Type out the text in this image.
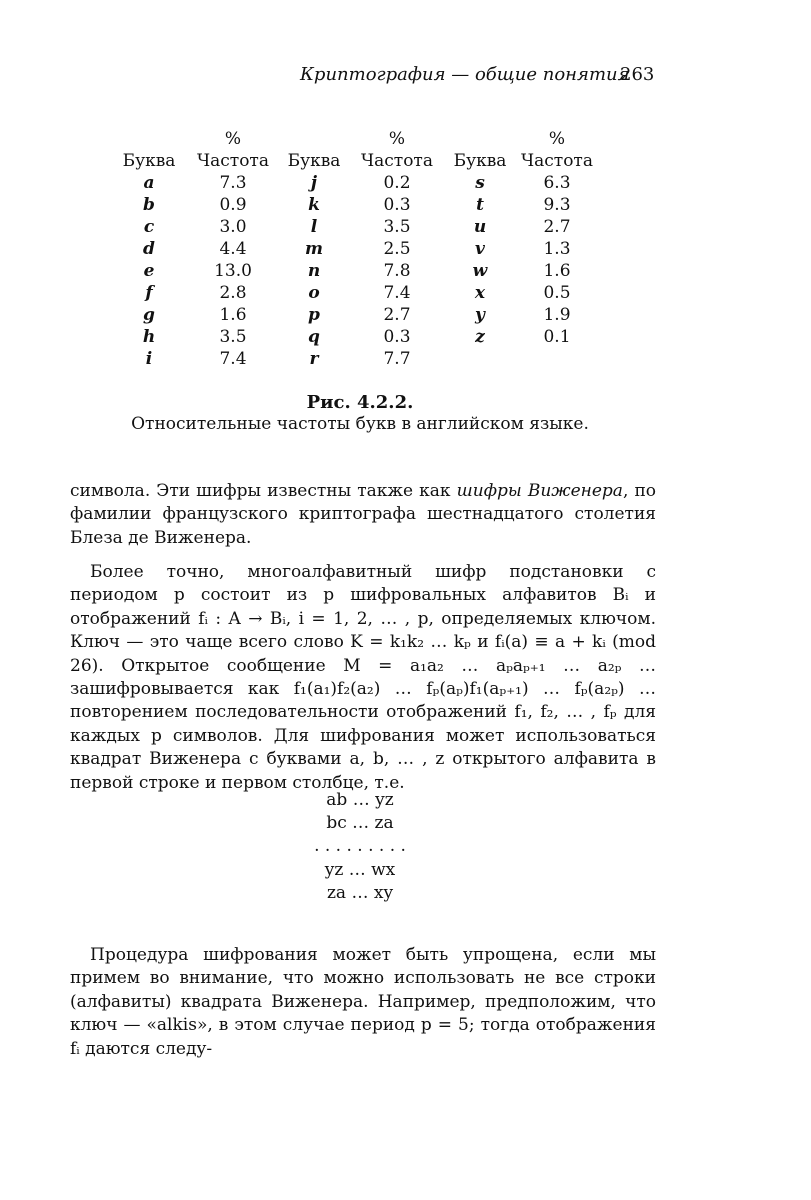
Криптография — общие понятия
263
	%		%		%
Буква	Частота	Буква	Частота	Буква	Частота
a	7.3	j	0.2	s	6.3
b	0.9	k	0.3	t	9.3
c	3.0	l	3.5	u	2.7
d	4.4	m	2.5	v	1.3
e	13.0	n	7.8	w	1.6
f	2.8	o	7.4	x	0.5
g	1.6	p	2.7	y	1.9
h	3.5	q	0.3	z	0.1
i	7.4	r	7.7		
Рис. 4.2.2.
Относительные частоты букв в английском языке.

символа. Эти шифры известны также как шифры Виженера, по фамилии французского криптографа шестнадцатого столетия Блеза де Виженера.

Более точно, многоалфавитный шифр подстановки с периодом p состоит из p шифровальных алфавитов Bᵢ и отображений fᵢ : A → Bᵢ, i = 1, 2, … , p, определяемых ключом. Ключ — это чаще всего слово K = k₁k₂ … kₚ и fᵢ(a) ≡ a + kᵢ (mod 26). Открытое сообщение M = a₁a₂ … aₚaₚ₊₁ … a₂ₚ … зашифровывается как f₁(a₁)f₂(a₂) … fₚ(aₚ)f₁(aₚ₊₁) … fₚ(a₂ₚ) … повторением последовательности отображений f₁, f₂, … , fₚ для каждых p символов. Для шифрования может использоваться квадрат Виженера с буквами a, b, … , z открытого алфавита в первой строке и первом столбце, т.е.

ab … yz
bc … za
. . . . . . . . .
yz … wx
za … xy

Процедура шифрования может быть упрощена, если мы примем во внимание, что можно использовать не все строки (алфавиты) квадрата Виженера. Например, предположим, что ключ — «alkis», в этом случае период p = 5; тогда отображения fᵢ даются следу-
